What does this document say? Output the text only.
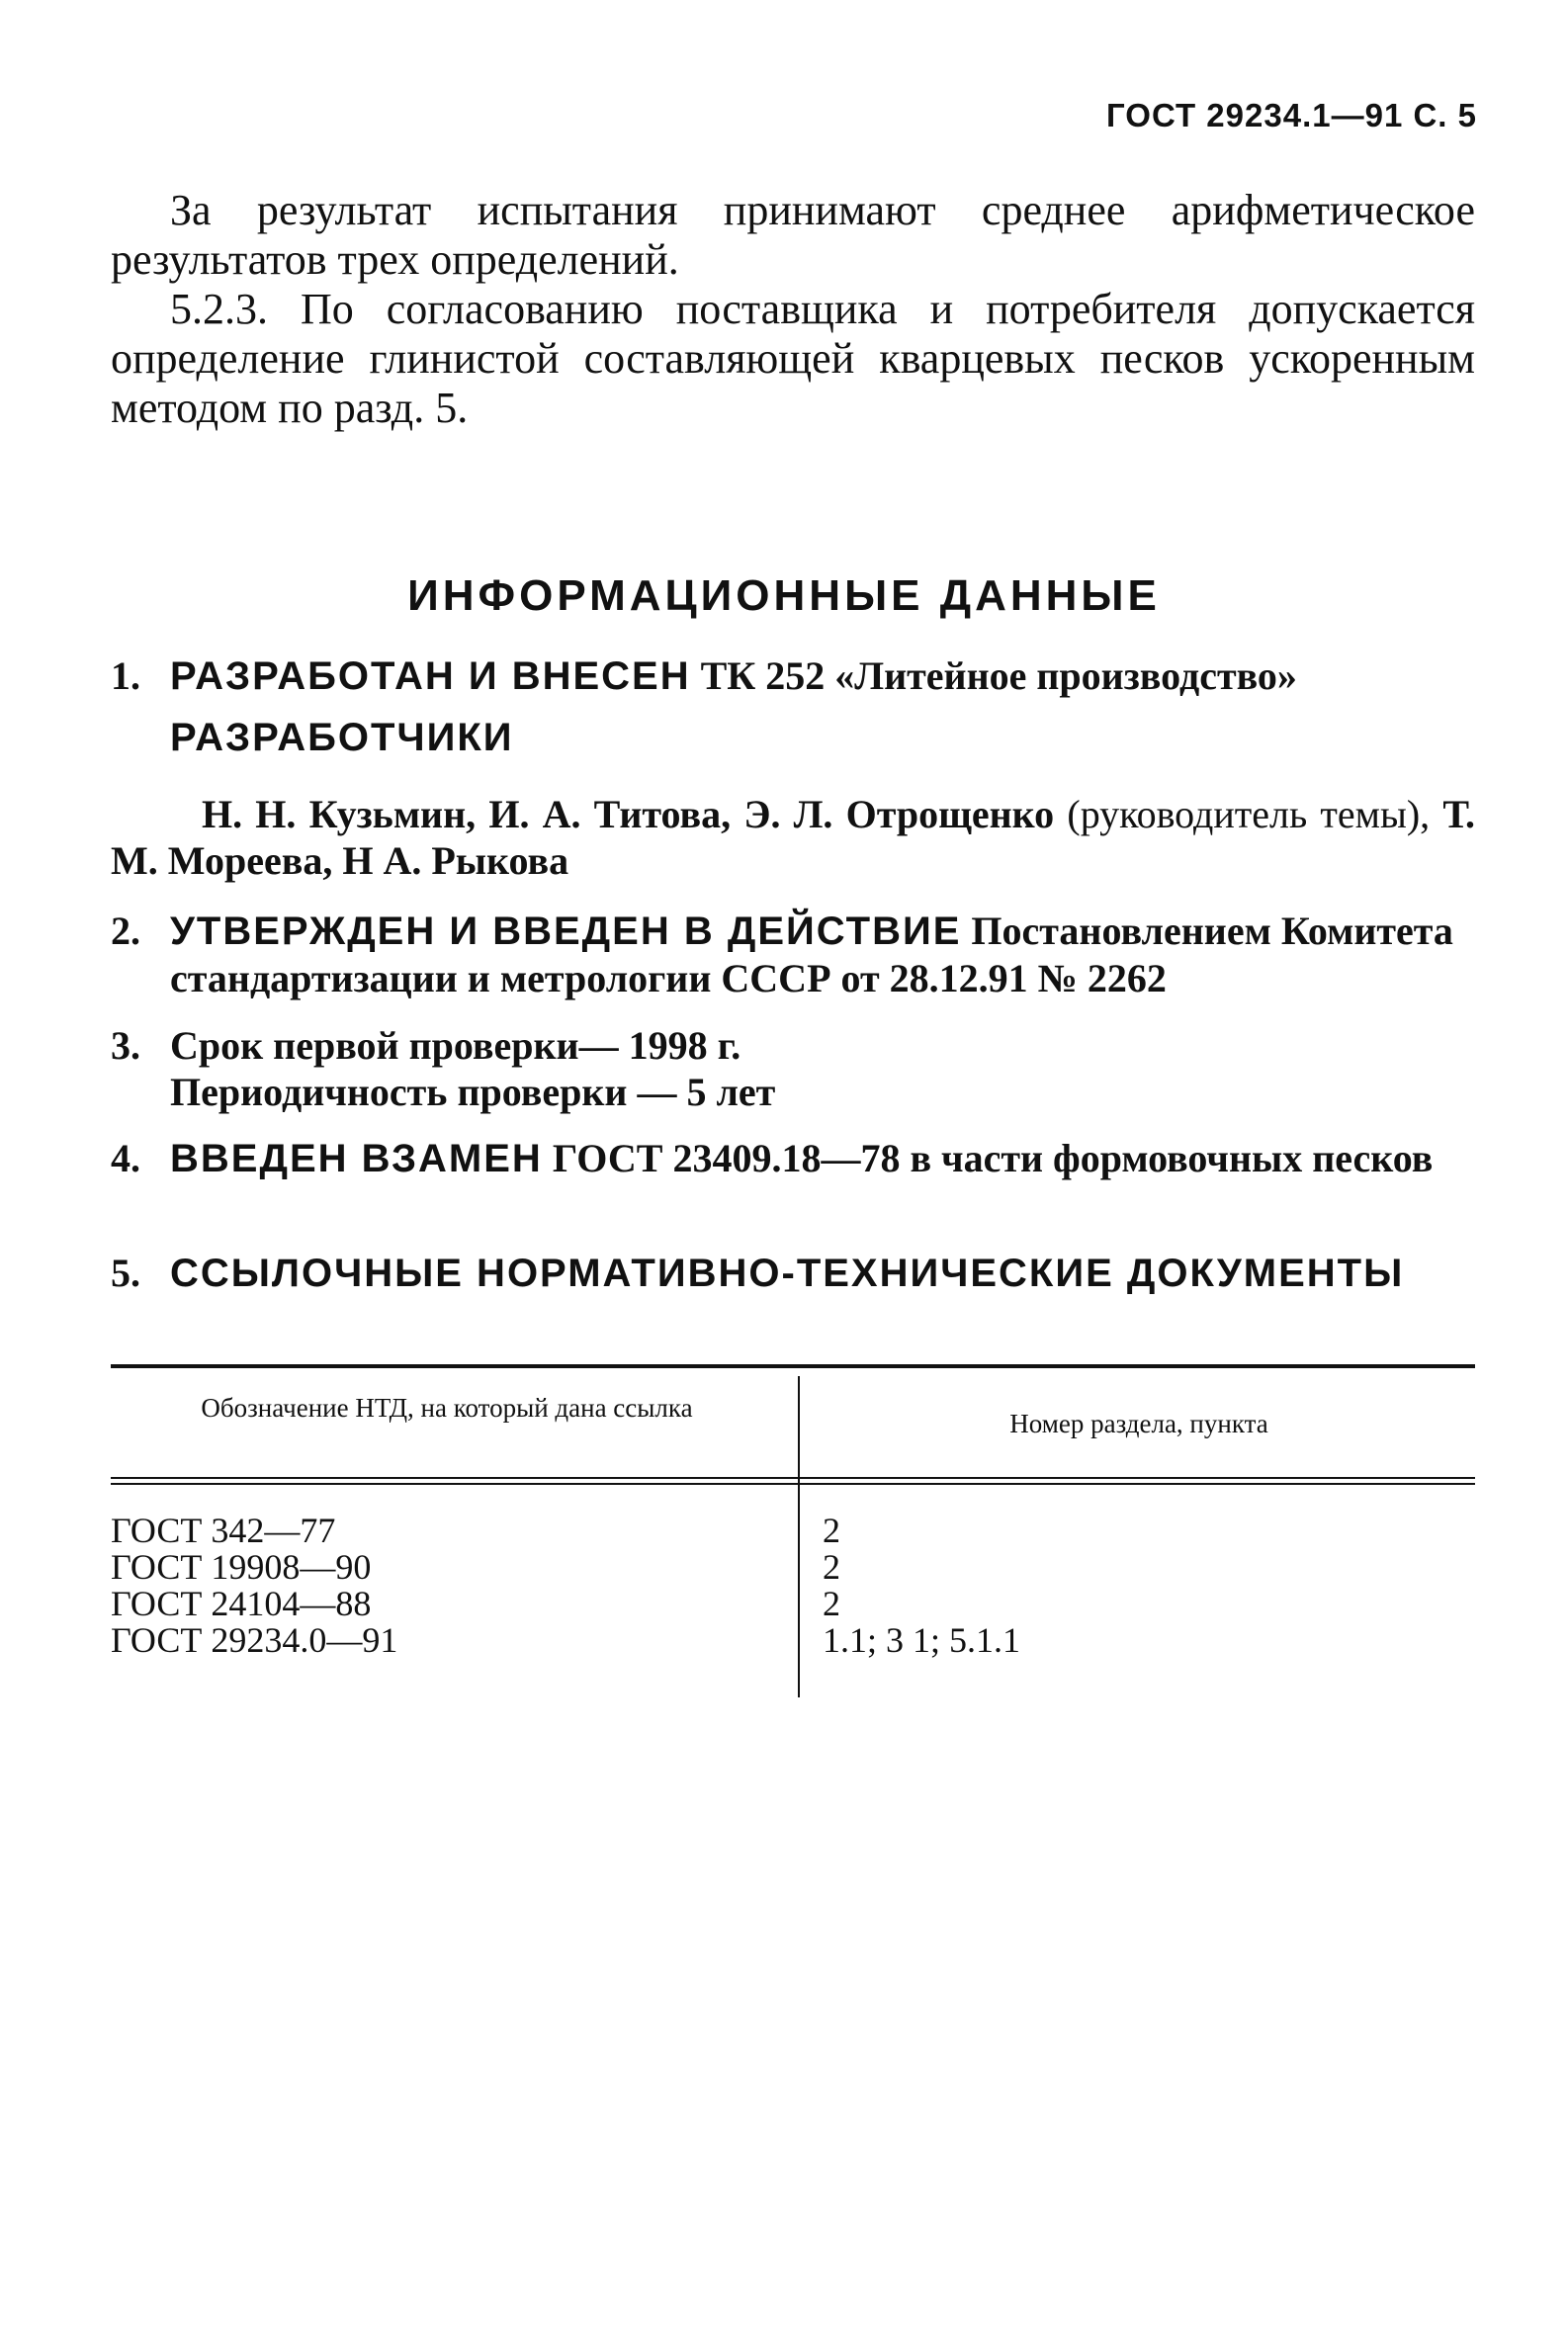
ГОСТ 29234.1—91 С. 5

За результат испытания принимают среднее арифметическое результатов трех определений.

5.2.3. По согласованию поставщика и потребителя допускается определение глинистой составляющей кварцевых песков ускоренным методом по разд. 5.

ИНФОРМАЦИОННЫЕ ДАННЫЕ
1. РАЗРАБОТАН И ВНЕСЕН ТК 252 «Литейное производство»
РАЗРАБОТЧИКИ
Н. Н. Кузьмин, И. А. Титова, Э. Л. Отрощенко (руководитель темы), Т. М. Мореева, Н А. Рыкова
2. УТВЕРЖДЕН И ВВЕДЕН В ДЕЙСТВИЕ Постановлением Комитета стандартизации и метрологии СССР от 28.12.91 № 2262
3. Срок первой проверки— 1998 г.
Периодичность проверки — 5 лет
4. ВВЕДЕН ВЗАМЕН ГОСТ 23409.18—78 в части формовочных песков
5. ССЫЛОЧНЫЕ НОРМАТИВНО-ТЕХНИЧЕСКИЕ ДОКУМЕНТЫ
Обозначение НТД, на который дана ссылка
Номер раздела, пункта
ГОСТ 342—77
ГОСТ 19908—90
ГОСТ 24104—88
ГОСТ 29234.0—91
2
2
2
1.1; 3 1; 5.1.1
